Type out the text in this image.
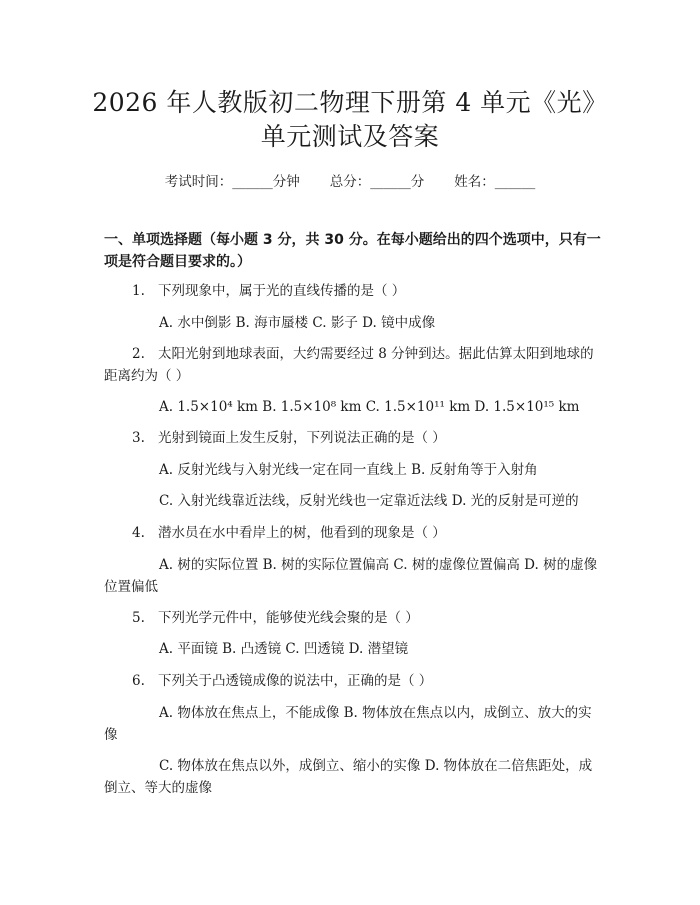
2026 年人教版初二物理下册第 4 单元《光》
单元测试及答案
考试时间：______分钟 总分：______分 姓名：______
一、单项选择题（每小题 3 分，共 30 分。在每小题给出的四个选项中，只有一项是符合题目要求的。）
1. 下列现象中，属于光的直线传播的是（ ）
A. 水中倒影 B. 海市蜃楼 C. 影子 D. 镜中成像
2. 太阳光射到地球表面，大约需要经过 8 分钟到达。据此估算太阳到地球的距离约为（ ）
A. 1.5×10⁴ km B. 1.5×10⁸ km C. 1.5×10¹¹ km D. 1.5×10¹⁵ km
3. 光射到镜面上发生反射，下列说法正确的是（ ）
A. 反射光线与入射光线一定在同一直线上 B. 反射角等于入射角
C. 入射光线靠近法线，反射光线也一定靠近法线 D. 光的反射是可逆的
4. 潜水员在水中看岸上的树，他看到的现象是（ ）
A. 树的实际位置 B. 树的实际位置偏高 C. 树的虚像位置偏高 D. 树的虚像位置偏低
5. 下列光学元件中，能够使光线会聚的是（ ）
A. 平面镜 B. 凸透镜 C. 凹透镜 D. 潜望镜
6. 下列关于凸透镜成像的说法中，正确的是（ ）
A. 物体放在焦点上，不能成像 B. 物体放在焦点以内，成倒立、放大的实像
C. 物体放在焦点以外，成倒立、缩小的实像 D. 物体放在二倍焦距处，成倒立、等大的虚像
